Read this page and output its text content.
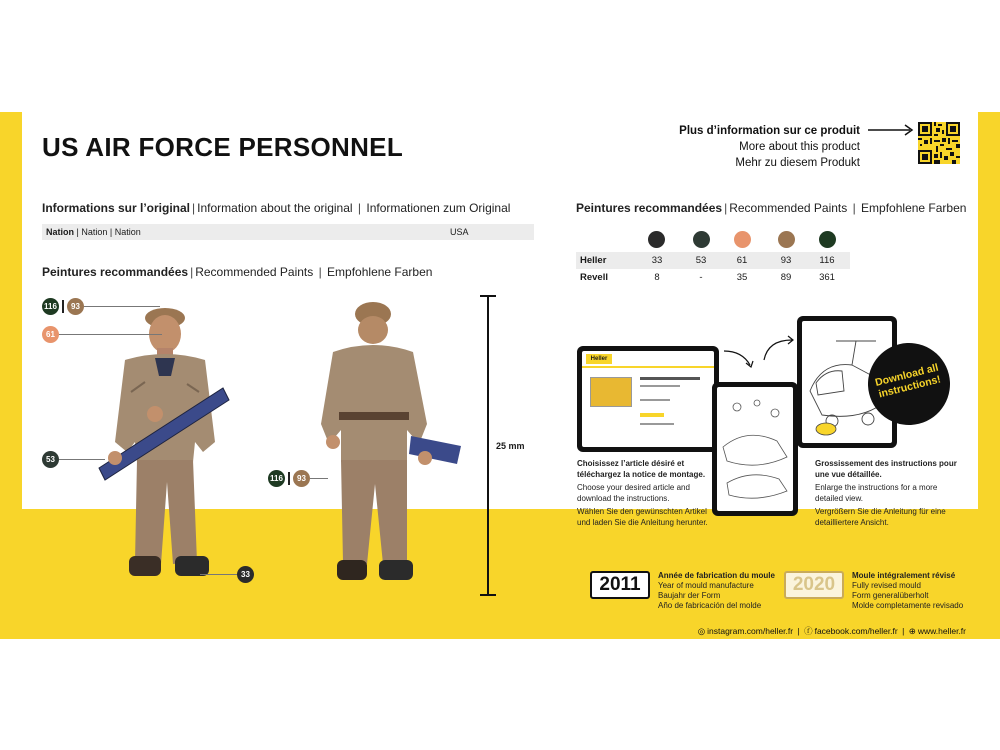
US AIR FORCE PERSONNEL
Plus d’information sur ce produit
More about this product
Mehr zu diesem Produkt
Informations sur l’original | Information about the original | Informationen zum Original
Nation | Nation | Nation	USA
Peintures recommandées | Recommended Paints | Empfohlene Farben
116	93
61
53
33
116	93
25 mm
Peintures recommandées | Recommended Paints | Empfohlene Farben
Heller	33	53	61	93	116
Revell	8	-	35	89	361
Heller
Download all instructions!

Choisissez l’article désiré et téléchargez la notice de montage.

Choose your desired article and download the instructions.

Wählen Sie den gewünschten Artikel und laden Sie die Anleitung herunter.

Grossissement des instructions pour une vue détaillée.

Enlarge the instructions for a more detailed view.

Vergrößern Sie die Anleitung für eine detailliertere Ansicht.

2011	Année de fabrication du moule
Year of mould manufacture
Baujahr der Form
Año de fabricación del molde
2020	Moule intégralement révisé
Fully revised mould
Form generalüberholt
Molde completamente revisado
◎ instagram.com/heller.fr | ⓕ facebook.com/heller.fr | ⊕ www.heller.fr
